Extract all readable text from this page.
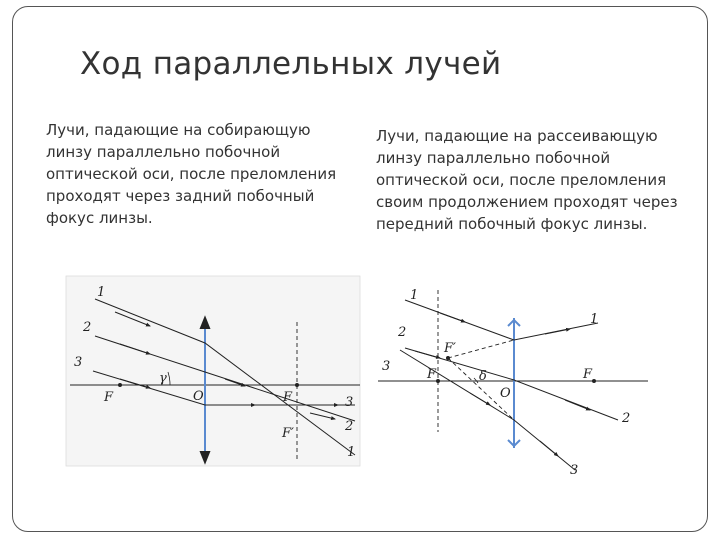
Ход параллельных лучей
Лучи, падающие на собирающую линзу параллельно побочной оптической оси, после преломления проходят через задний побочный фокус линзы.
Лучи, падающие на рассеивающую линзу параллельно побочной оптической оси, после преломления своим продолжением проходят через передний побочный фокус линзы.
1
2
3
3
2
1
F	F
F′
O
γ
1
2
3
1
2
3
F′
F	F
O
δ
